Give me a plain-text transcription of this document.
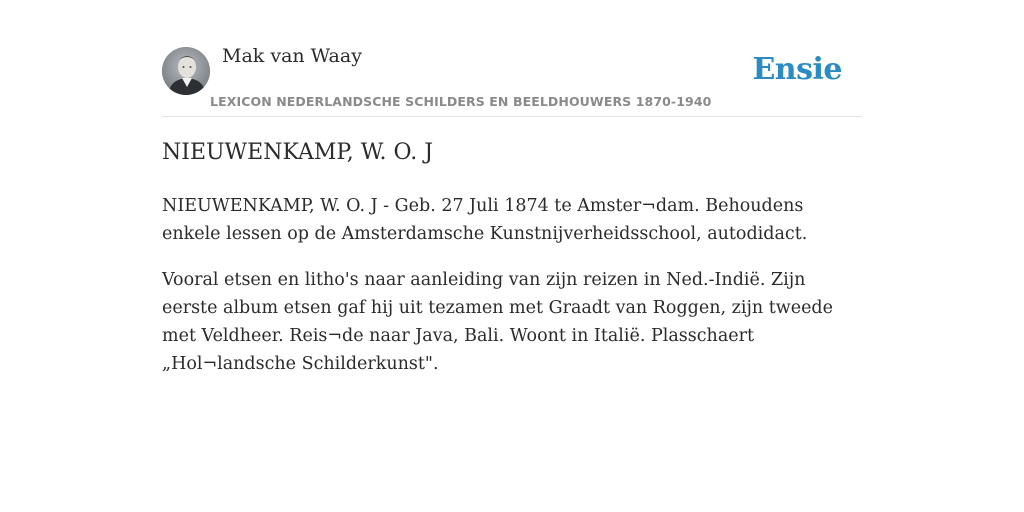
Mak van Waay
LEXICON NEDERLANDSCHE SCHILDERS EN BEELDHOUWERS 1870-1940
Ensie
NIEUWENKAMP, W. O. J

NIEUWENKAMP, W. O. J - Geb. 27 Juli 1874 te Amster¬dam. Behoudens enkele lessen op de Amsterdamsche Kunstnijverheidsschool, autodidact.

Vooral etsen en litho's naar aanleiding van zijn reizen in Ned.-Indië. Zijn eerste album etsen gaf hij uit tezamen met Graadt van Roggen, zijn tweede met Veldheer. Reis¬de naar Java, Bali. Woont in Italië. Plasschaert „Hol¬landsche Schilderkunst".
